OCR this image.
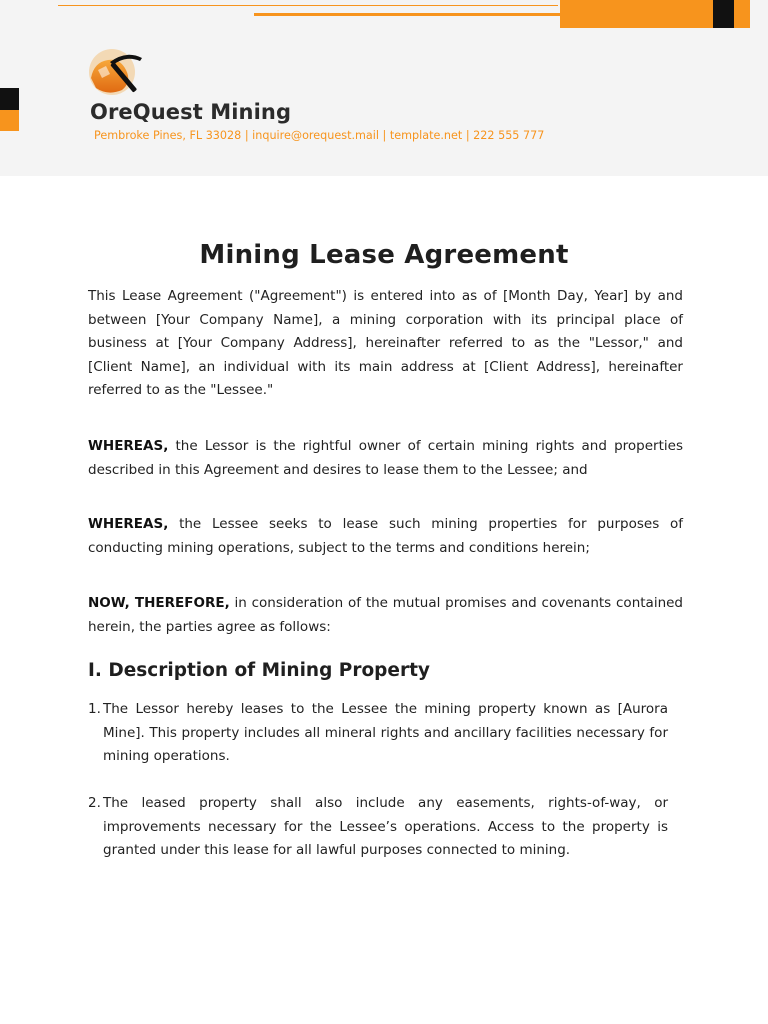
OreQuest Mining
Pembroke Pines, FL 33028 | inquire@orequest.mail | template.net | 222 555 777
Mining Lease Agreement

This Lease Agreement ("Agreement") is entered into as of [Month Day, Year] by and between [Your Company Name], a mining corporation with its principal place of business at [Your Company Address], hereinafter referred to as the "Lessor," and [Client Name], an individual with its main address at [Client Address], hereinafter referred to as the "Lessee."

WHEREAS, the Lessor is the rightful owner of certain mining rights and properties described in this Agreement and desires to lease them to the Lessee; and

WHEREAS, the Lessee seeks to lease such mining properties for purposes of conducting mining operations, subject to the terms and conditions herein;

NOW, THEREFORE, in consideration of the mutual promises and covenants contained herein, the parties agree as follows:

I. Description of Mining Property
1. The Lessor hereby leases to the Lessee the mining property known as [Aurora Mine]. This property includes all mineral rights and ancillary facilities necessary for mining operations.

2. The leased property shall also include any easements, rights-of-way, or improvements necessary for the Lessee’s operations. Access to the property is granted under this lease for all lawful purposes connected to mining.
